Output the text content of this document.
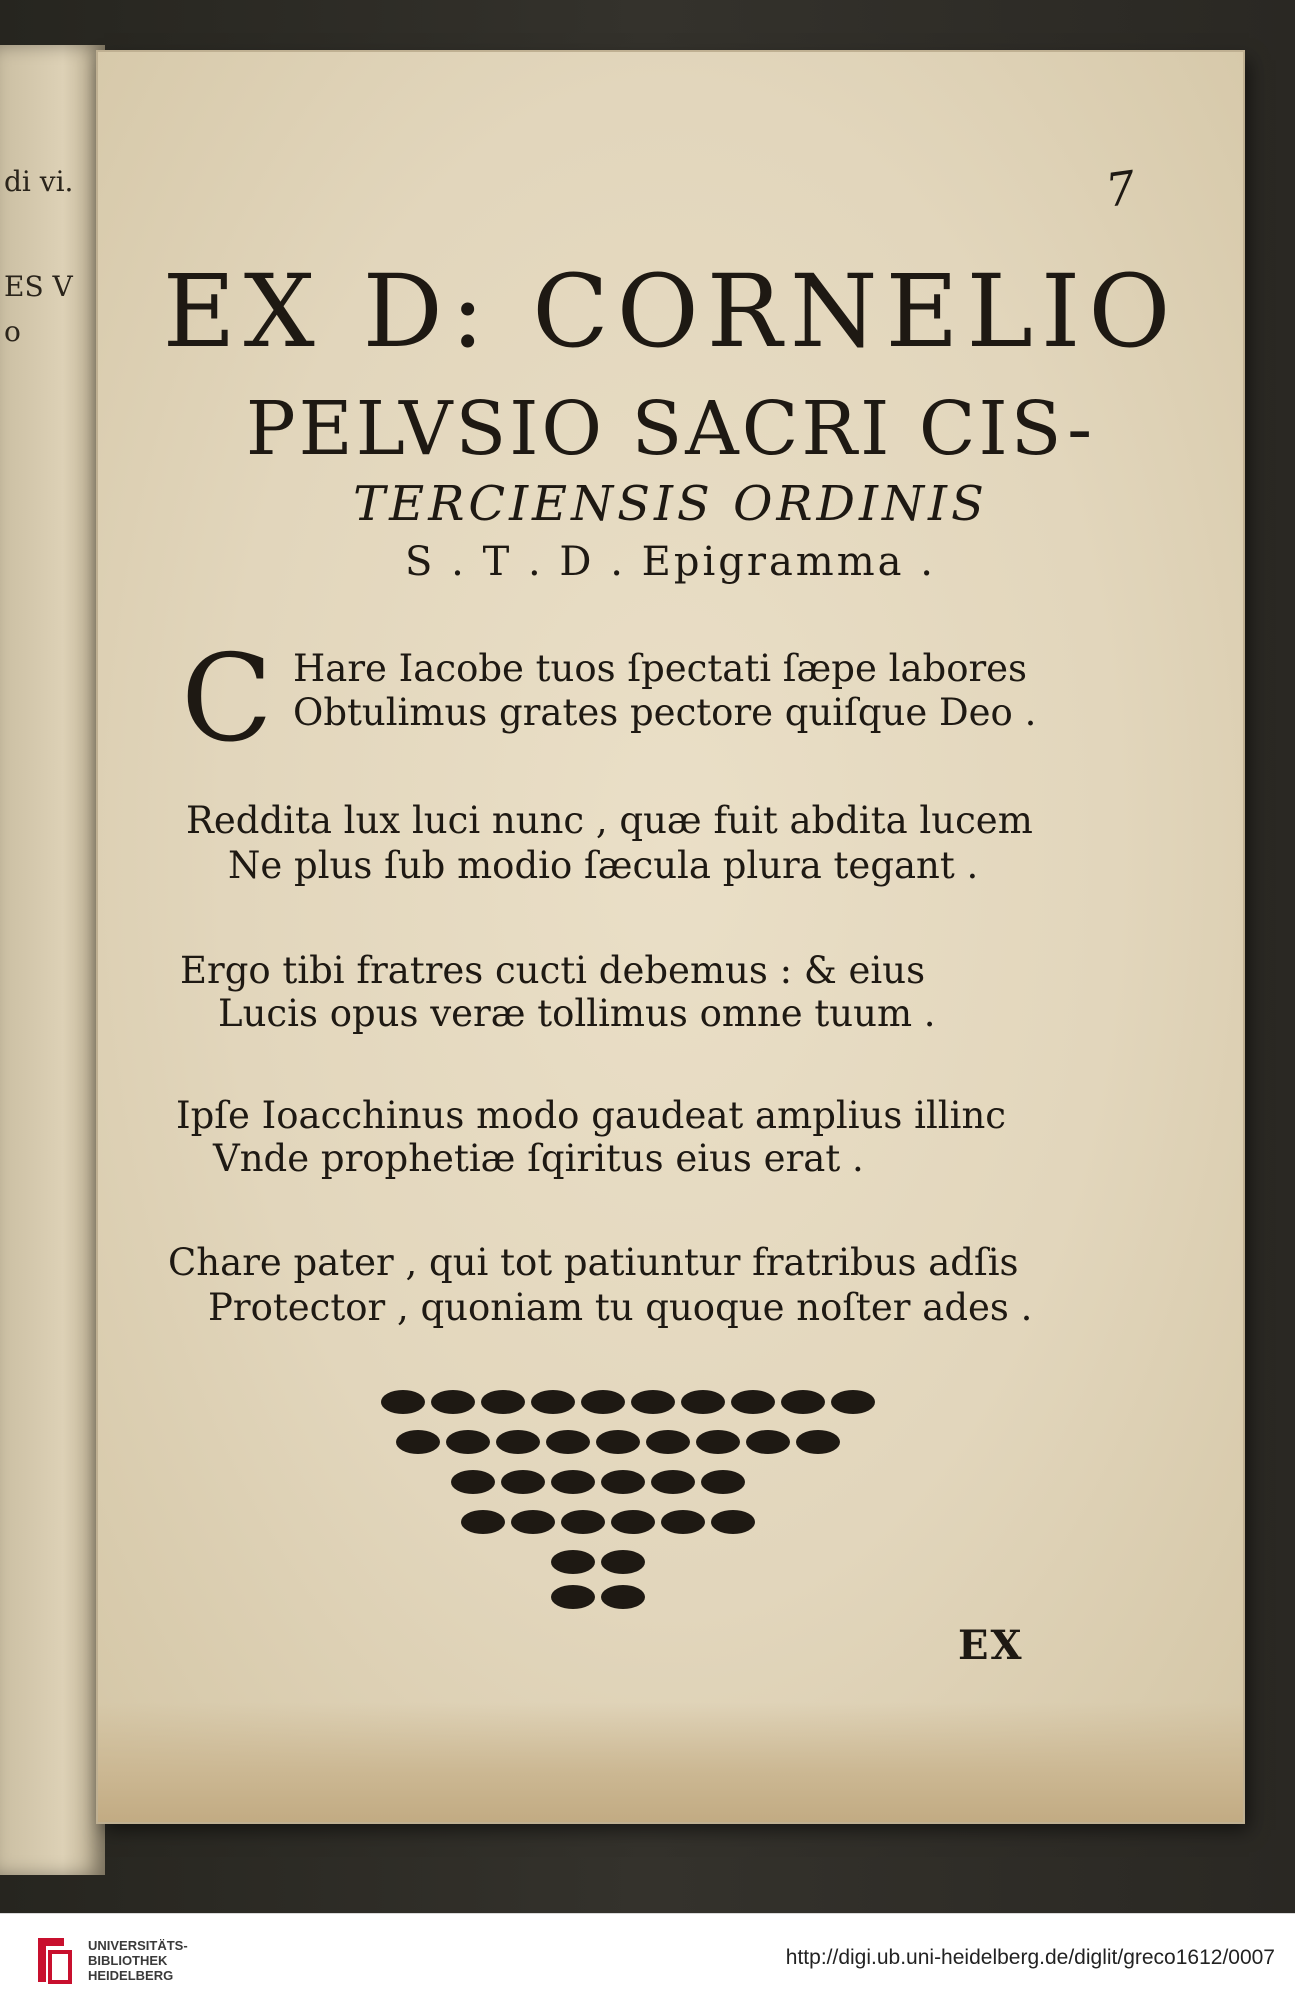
di vi.
ES V
o
7
EX D: CORNELIO
PELVSIO SACRI CIS-
TERCIENSIS ORDINIS
S . T . D . Epigramma .
C Hare Iacobe tuos ſpectati ſæpe labores
Obtulimus grates pectore quiſque Deo .
Reddita lux luci nunc , quæ fuit abdita lucem
Ne plus ſub modio ſæcula plura tegant .
Ergo tibi fratres cucti debemus : & eius
Lucis opus veræ tollimus omne tuum .
Ipſe Ioacchinus modo gaudeat amplius illinc
Vnde prophetiæ ſqiritus eius erat .
Chare pater , qui tot patiuntur fratribus adſis
Protector , quoniam tu quoque noſter ades .
EX
UNIVERSITÄTS-
BIBLIOTHEK
HEIDELBERG
http://digi.ub.uni-heidelberg.de/diglit/greco1612/0007
